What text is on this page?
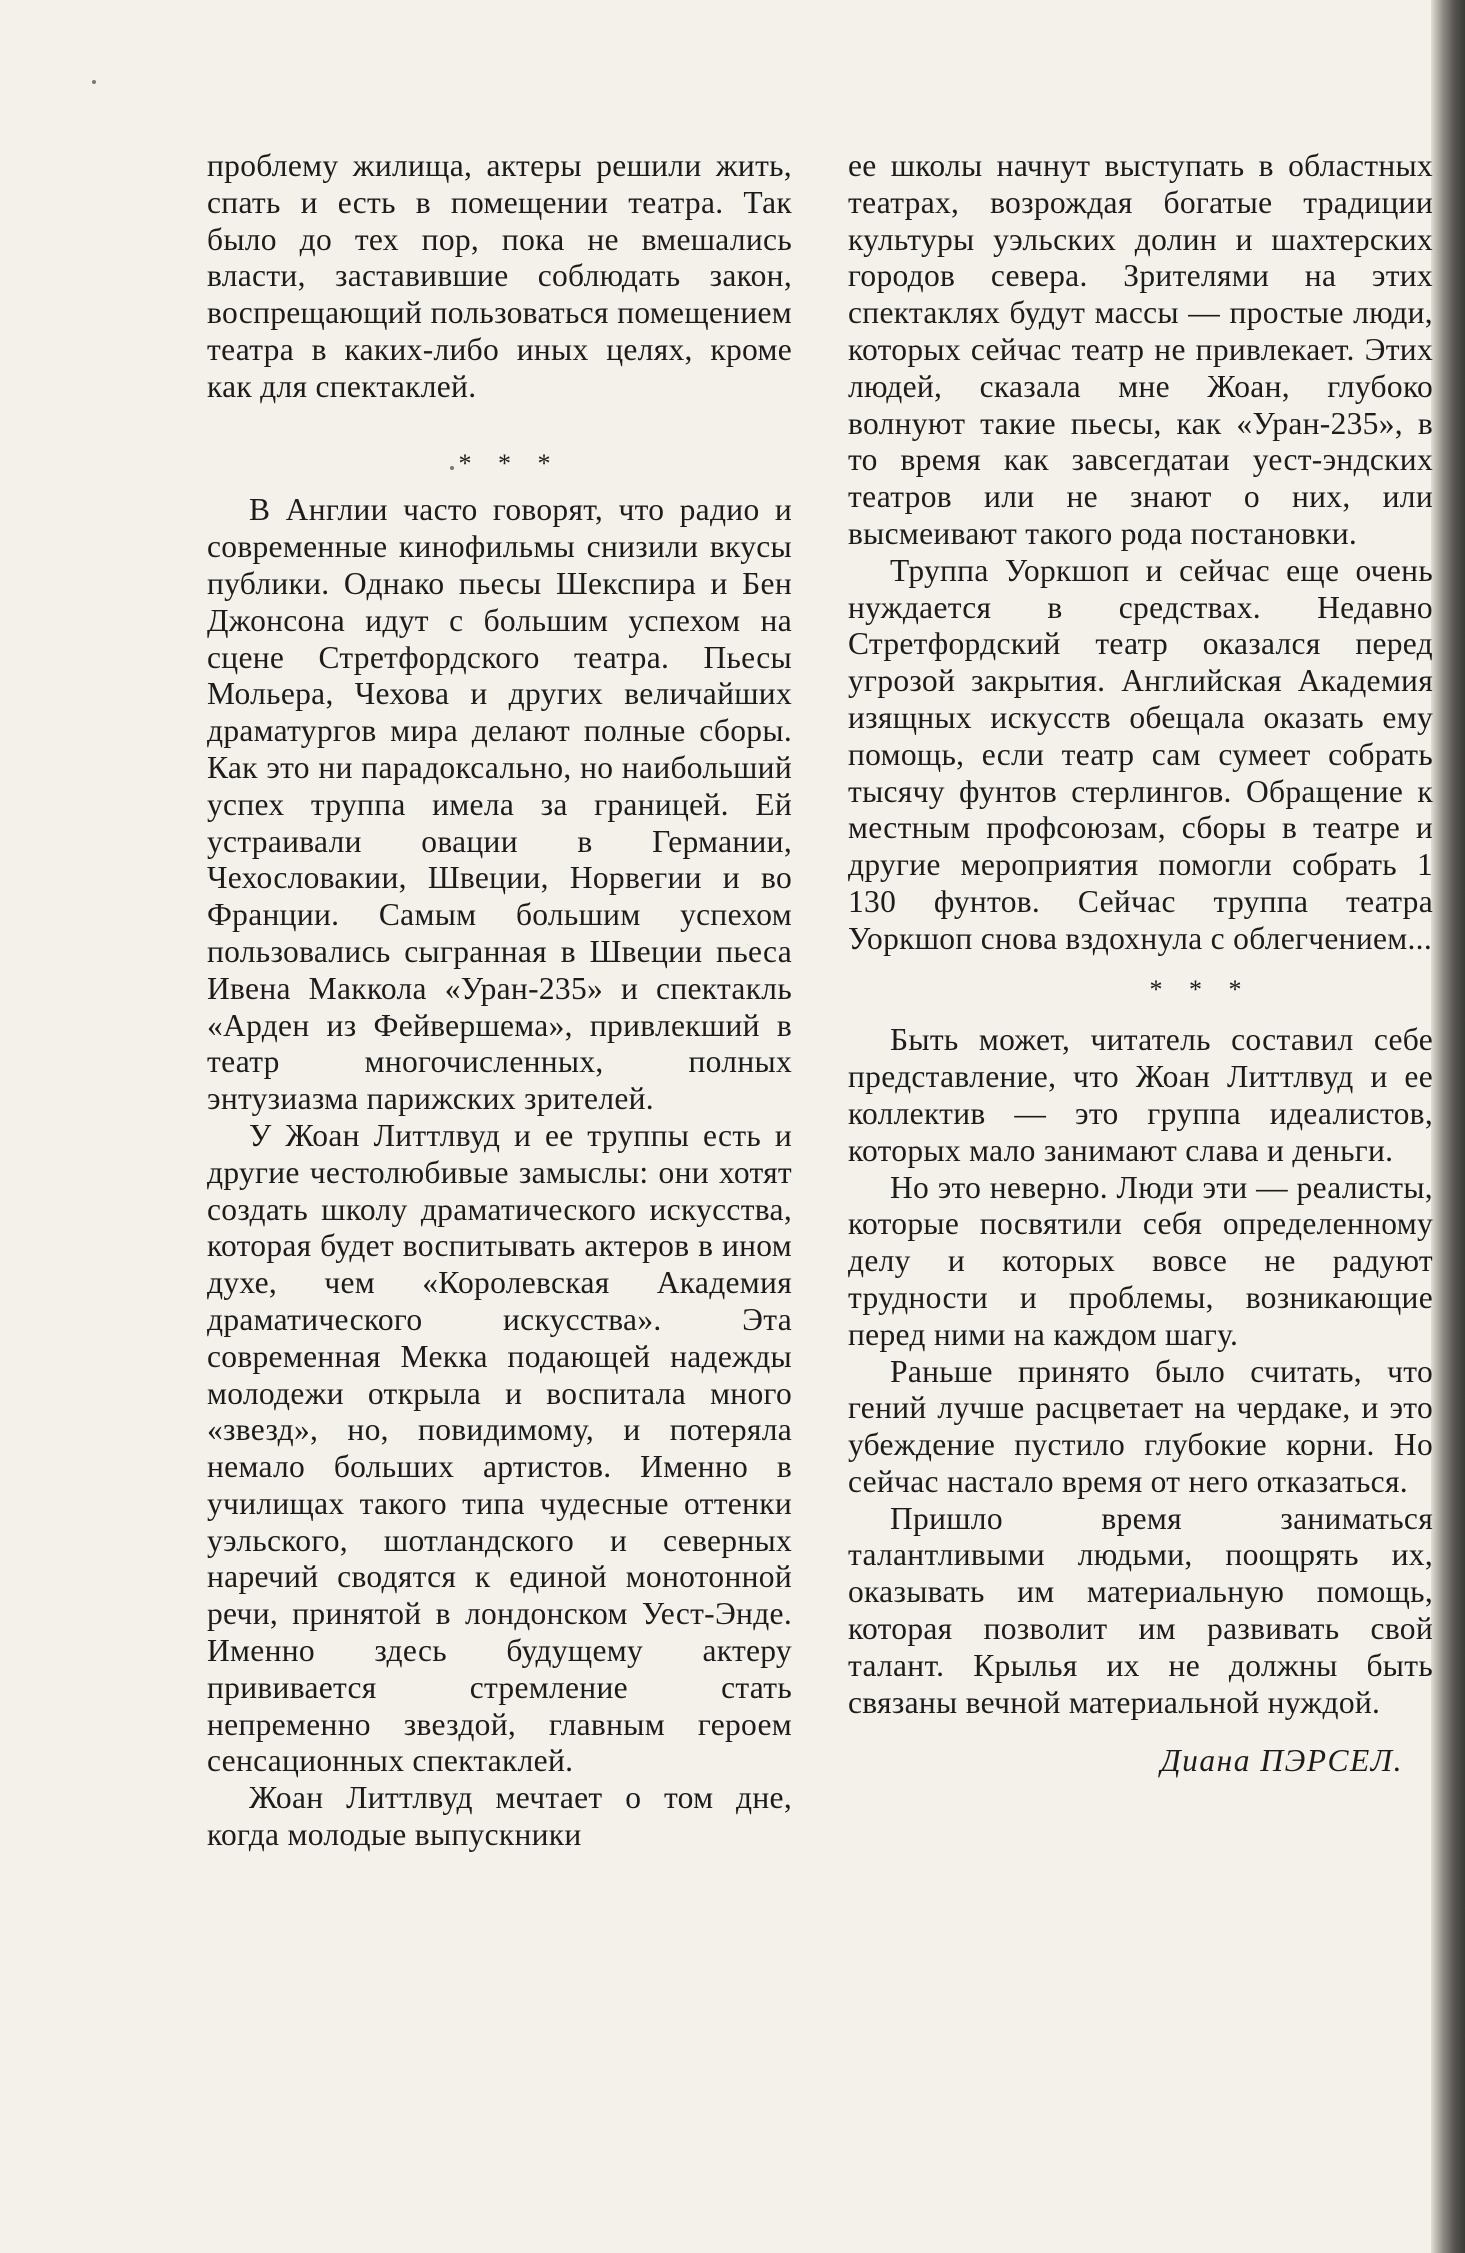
проблему жилища, актеры решили жить, спать и есть в помещении театра. Так было до тех пор, пока не вмешались власти, заставившие соблюдать закон, воспрещающий пользоваться помещением театра в каких-либо иных целях, кроме как для спектаклей.

* * *

В Англии часто говорят, что радио и современные кинофильмы снизили вкусы публики. Однако пьесы Шекспира и Бен Джонсона идут с большим успехом на сцене Стретфордского театра. Пьесы Мольера, Чехова и других величайших драматургов мира делают полные сборы. Как это ни парадоксально, но наибольший успех труппа имела за границей. Ей устраивали овации в Германии, Чехословакии, Швеции, Норвегии и во Франции. Самым большим успехом пользовались сыгранная в Швеции пьеса Ивена Маккола «Уран-235» и спектакль «Арден из Фейвершема», привлекший в театр многочисленных, полных энтузиазма парижских зрителей.

У Жоан Литтлвуд и ее труппы есть и другие честолюбивые замыслы: они хотят создать школу драматического искусства, которая будет воспитывать актеров в ином духе, чем «Королевская Академия драматического искусства». Эта современная Мекка подающей надежды молодежи открыла и воспитала много «звезд», но, повидимому, и потеряла немало больших артистов. Именно в училищах такого типа чудесные оттенки уэльского, шотландского и северных наречий сводятся к единой монотонной речи, принятой в лондонском Уест-Энде. Именно здесь будущему актеру прививается стремление стать непременно звездой, главным героем сенсационных спектаклей.

Жоан Литтлвуд мечтает о том дне, когда молодые выпускники

ее школы начнут выступать в областных театрах, возрождая богатые традиции культуры уэльских долин и шахтерских городов севера. Зрителями на этих спектаклях будут массы — простые люди, которых сейчас театр не привлекает. Этих людей, сказала мне Жоан, глубоко волнуют такие пьесы, как «Уран-235», в то время как завсегдатаи уест-эндских театров или не знают о них, или высмеивают такого рода постановки.

Труппа Уоркшоп и сейчас еще очень нуждается в средствах. Недавно Стретфордский театр оказался перед угрозой закрытия. Английская Академия изящных искусств обещала оказать ему помощь, если театр сам сумеет собрать тысячу фунтов стерлингов. Обращение к местным профсоюзам, сборы в театре и другие мероприятия помогли собрать 1 130 фунтов. Сейчас труппа театра Уоркшоп снова вздохнула с облегчением...

* * *

Быть может, читатель составил себе представление, что Жоан Литтлвуд и ее коллектив — это группа идеалистов, которых мало занимают слава и деньги.

Но это неверно. Люди эти — реалисты, которые посвятили себя определенному делу и которых вовсе не радуют трудности и проблемы, возникающие перед ними на каждом шагу.

Раньше принято было считать, что гений лучше расцветает на чердаке, и это убеждение пустило глубокие корни. Но сейчас настало время от него отказаться.

Пришло время заниматься талантливыми людьми, поощрять их, оказывать им материальную помощь, которая позволит им развивать свой талант. Крылья их не должны быть связаны вечной материальной нуждой.

Диана ПЭРСЕЛ.
